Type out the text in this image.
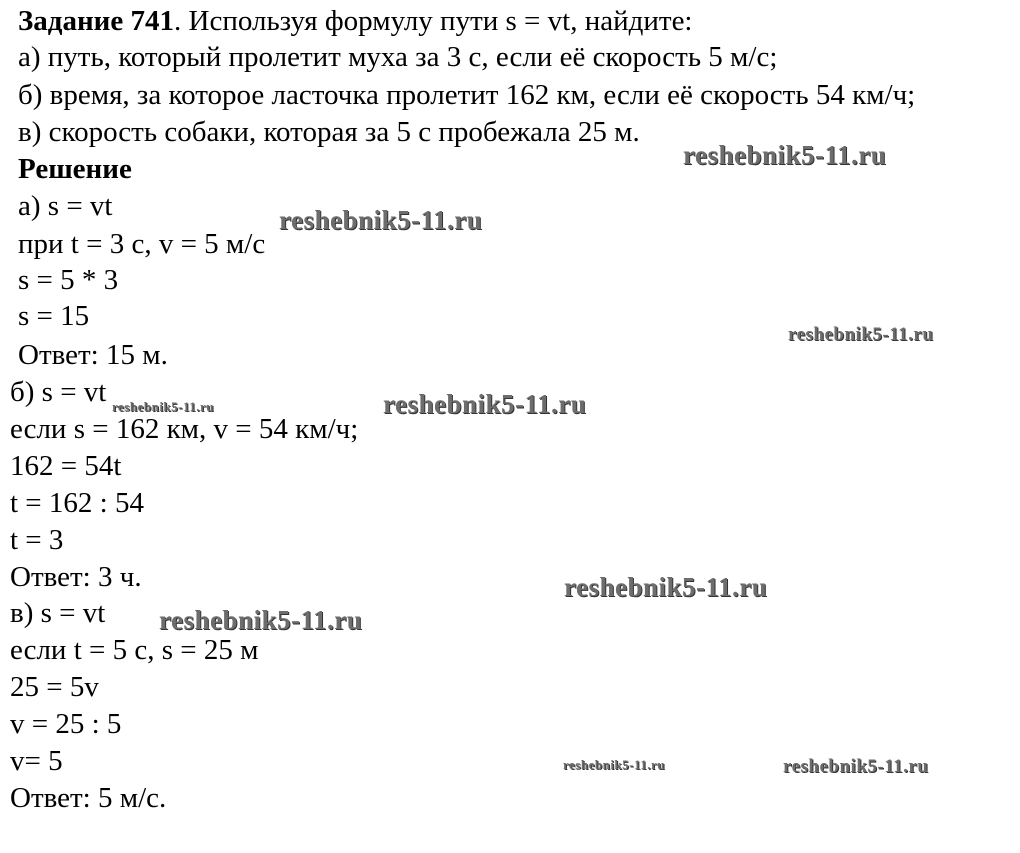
Задание 741. Используя формулу пути s = vt, найдите:
а) путь, который пролетит муха за 3 с, если её скорость 5 м/с;
б) время, за которое ласточка пролетит 162 км, если её скорость 54 км/ч;
в) скорость собаки, которая за 5 с пробежала 25 м.
Решение
а) s = vt
при t = 3 с, v = 5 м/с
s = 5 * 3
s = 15
Ответ: 15 м.
б) s = vt
если s = 162 км, v = 54 км/ч;
162 = 54t
t = 162 : 54
t = 3
Ответ: 3 ч.
в) s = vt
если t = 5 с, s = 25 м
25 = 5v
v = 25 : 5
v= 5
Ответ: 5 м/с.
reshebnik5-11.ru
reshebnik5-11.ru
reshebnik5-11.ru
reshebnik5-11.ru	reshebnik5-11.ru
reshebnik5-11.ru
reshebnik5-11.ru
reshebnik5-11.ru	reshebnik5-11.ru
